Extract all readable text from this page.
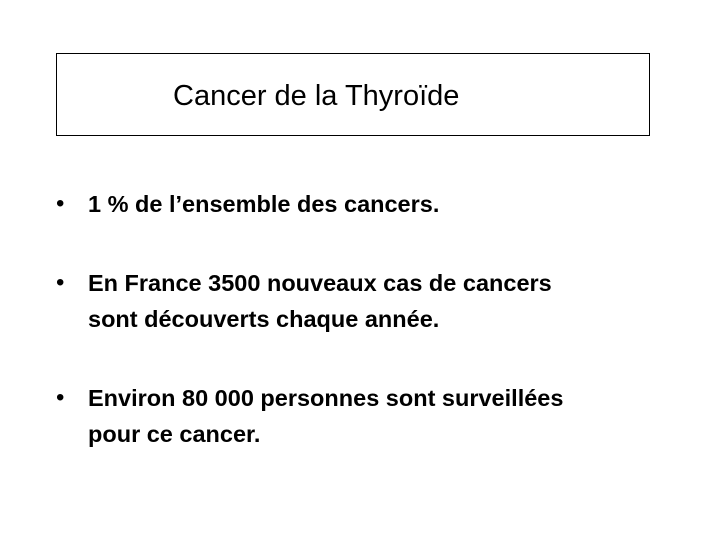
Cancer de la Thyroïde
• 1 % de l’ensemble des cancers.
• En France 3500 nouveaux cas de cancers
sont découverts chaque année.
• Environ 80 000 personnes sont surveillées
pour ce cancer.
